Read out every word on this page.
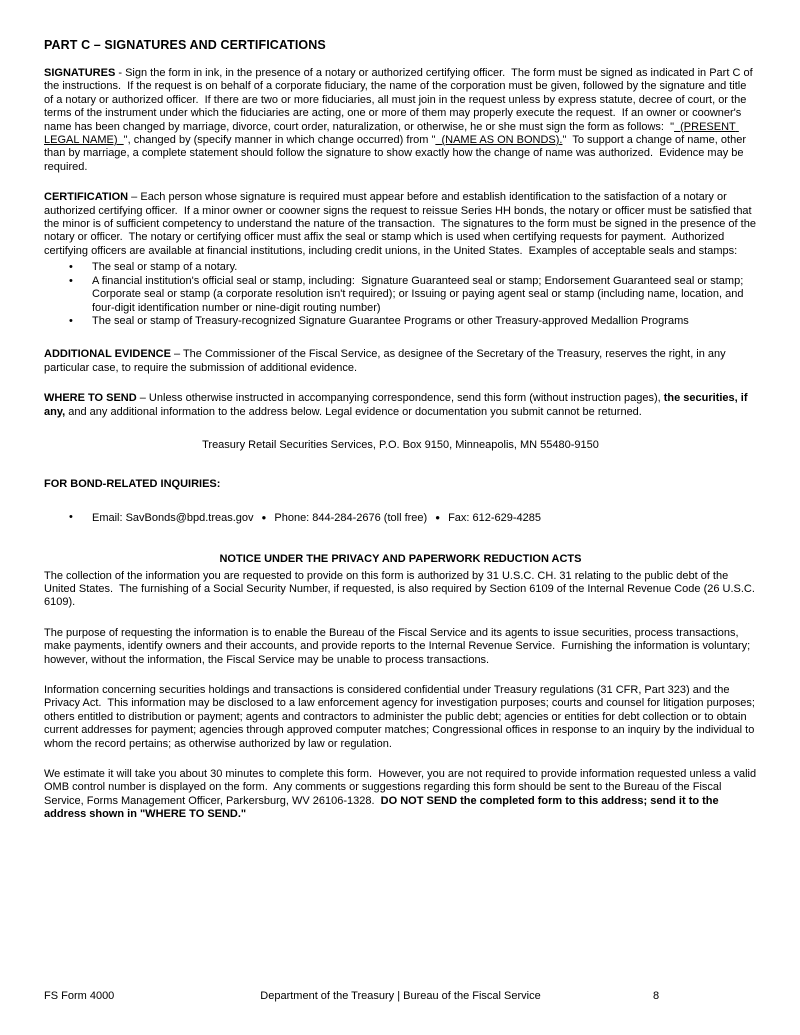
PART C – SIGNATURES AND CERTIFICATIONS

SIGNATURES - Sign the form in ink, in the presence of a notary or authorized certifying officer.  The form must be signed as indicated in Part C of the instructions.  If the request is on behalf of a corporate fiduciary, the name of the corporation must be given, followed by the signature and title of a notary or authorized officer.  If there are two or more fiduciaries, all must join in the request unless by express statute, decree of court, or the terms of the instrument under which the fiduciaries are acting, one or more of them may properly execute the request.  If an owner or coowner's name has been changed by marriage, divorce, court order, naturalization, or otherwise, he or she must sign the form as follows:  "  (PRESENT LEGAL NAME)  ", changed by (specify manner in which change occurred) from "  (NAME AS ON BONDS)."  To support a change of name, other than by marriage, a complete statement should follow the signature to show exactly how the change of name was authorized.  Evidence may be required.

CERTIFICATION – Each person whose signature is required must appear before and establish identification to the satisfaction of a notary or authorized certifying officer.  If a minor owner or coowner signs the request to reissue Series HH bonds, the notary or officer must be satisfied that the minor is of sufficient competency to understand the nature of the transaction.  The signatures to the form must be signed in the presence of the notary or officer.  The notary or certifying officer must affix the seal or stamp which is used when certifying requests for payment.  Authorized certifying officers are available at financial institutions, including credit unions, in the United States.  Examples of acceptable seals and stamps:

• The seal or stamp of a notary.
• A financial institution's official seal or stamp, including:  Signature Guaranteed seal or stamp; Endorsement Guaranteed seal or stamp; Corporate seal or stamp (a corporate resolution isn't required); or Issuing or paying agent seal or stamp (including name, location, and four-digit identification number or nine-digit routing number)
• The seal or stamp of Treasury-recognized Signature Guarantee Programs or other Treasury-approved Medallion Programs

ADDITIONAL EVIDENCE – The Commissioner of the Fiscal Service, as designee of the Secretary of the Treasury, reserves the right, in any particular case, to require the submission of additional evidence.

WHERE TO SEND – Unless otherwise instructed in accompanying correspondence, send this form (without instruction pages), the securities, if any, and any additional information to the address below. Legal evidence or documentation you submit cannot be returned.

Treasury Retail Securities Services, P.O. Box 9150, Minneapolis, MN 55480-9150
FOR BOND-RELATED INQUIRIES:
• Email: SavBonds@bpd.treas.gov ● Phone: 844-284-2676 (toll free) ● Fax: 612-629-4285
NOTICE UNDER THE PRIVACY AND PAPERWORK REDUCTION ACTS

The collection of the information you are requested to provide on this form is authorized by 31 U.S.C. CH. 31 relating to the public debt of the United States.  The furnishing of a Social Security Number, if requested, is also required by Section 6109 of the Internal Revenue Code (26 U.S.C. 6109).

The purpose of requesting the information is to enable the Bureau of the Fiscal Service and its agents to issue securities, process transactions, make payments, identify owners and their accounts, and provide reports to the Internal Revenue Service.  Furnishing the information is voluntary; however, without the information, the Fiscal Service may be unable to process transactions.

Information concerning securities holdings and transactions is considered confidential under Treasury regulations (31 CFR, Part 323) and the Privacy Act.  This information may be disclosed to a law enforcement agency for investigation purposes; courts and counsel for litigation purposes; others entitled to distribution or payment; agents and contractors to administer the public debt; agencies or entities for debt collection or to obtain current addresses for payment; agencies through approved computer matches; Congressional offices in response to an inquiry by the individual to whom the record pertains; as otherwise authorized by law or regulation.

We estimate it will take you about 30 minutes to complete this form.  However, you are not required to provide information requested unless a valid OMB control number is displayed on the form.  Any comments or suggestions regarding this form should be sent to the Bureau of the Fiscal Service, Forms Management Officer, Parkersburg, WV 26106-1328.  DO NOT SEND the completed form to this address; send it to the address shown in "WHERE TO SEND."

FS Form 4000	Department of the Treasury | Bureau of the Fiscal Service	8
